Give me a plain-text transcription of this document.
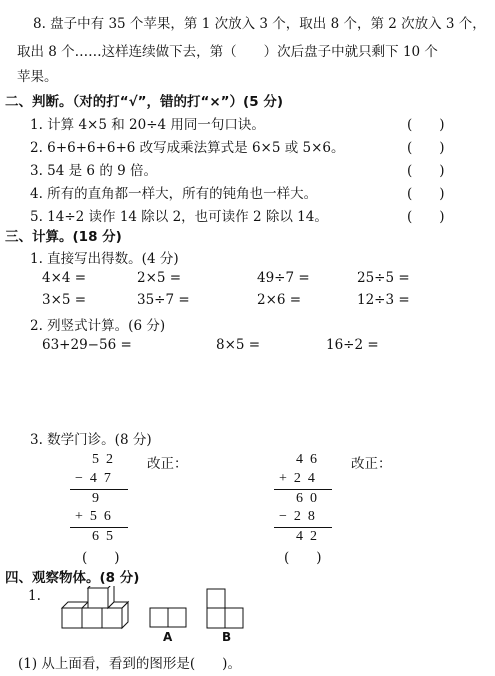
8. 盘子中有 35 个苹果，第 1 次放入 3 个，取出 8 个，第 2 次放入 3 个，
取出 8 个……这样连续做下去，第（　　）次后盘子中就只剩下 10 个
苹果。
二、判断。（对的打“√”，错的打“×”）(5 分)
1. 计算 4×5 和 20÷4 用同一句口诀。	(　　)
2. 6+6+6+6+6 改写成乘法算式是 6×5 或 5×6。	(　　)
3. 54 是 6 的 9 倍。	(　　)
4. 所有的直角都一样大，所有的钝角也一样大。	(　　)
5. 14÷2 读作 14 除以 2，也可读作 2 除以 14。	(　　)
三、计算。(18 分)
1. 直接写出得数。(4 分)
4×4 =	2×5 =	49÷7 =	25÷5 =
3×5 =	35÷7 =	2×6 =	12÷3 =
2. 列竖式计算。(6 分)
63+29−56 =	8×5 =	16÷2 =
3. 数学门诊。(8 分)
5  2
−  4  7
9
+  5  6
6  5
(　　)
改正：	4  6
+  2  4
6  0
−  2  8
4  2
(　　)
改正：
四、观察物体。(8 分)
1.
A	B
(1) 从上面看，看到的图形是(　　)。
